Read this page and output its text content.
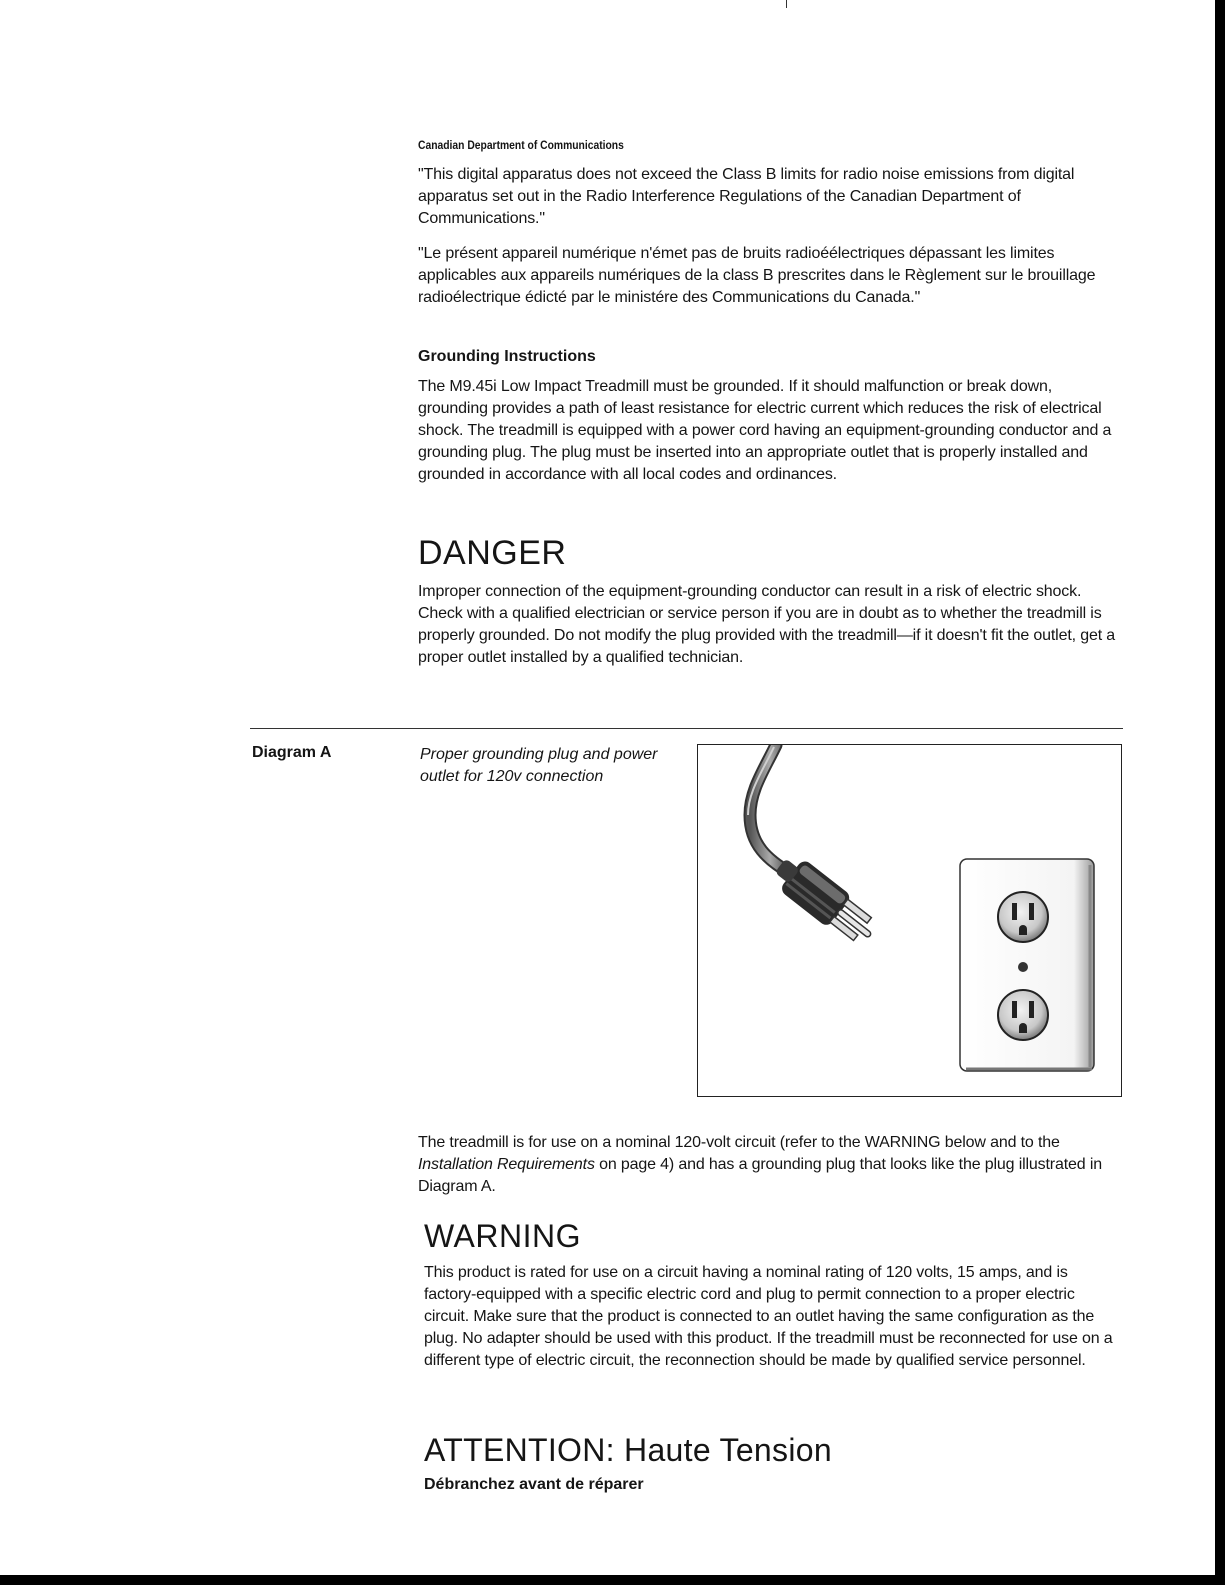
Canadian Department of Communications

"This digital apparatus does not exceed the Class B limits for radio noise emissions from digital apparatus set out in the Radio Interference Regulations of the Canadian Department of Communications."

"Le présent appareil numérique n'émet pas de bruits radioéélectriques dépassant les limites applicables aux appareils numériques de la class B prescrites dans le Règlement sur le brouillage radioélectrique édicté par le ministére des Communications du Canada."

Grounding Instructions

The M9.45i Low Impact Treadmill must be grounded. If it should malfunction or break down, grounding provides a path of least resistance for electric current which reduces the risk of electrical shock. The treadmill is equipped with a power cord having an equipment-grounding conductor and a grounding plug. The plug must be inserted into an appropriate outlet that is properly installed and grounded in accordance with all local codes and ordinances.

DANGER

Improper connection of the equipment-grounding conductor can result in a risk of electric shock. Check with a qualified electrician or service person if you are in doubt as to whether the treadmill is properly grounded. Do not modify the plug provided with the treadmill—if it doesn't fit the outlet, get a proper outlet installed by a qualified technician.

Diagram A	Proper grounding plug and power outlet for 120v connection

The treadmill is for use on a nominal 120-volt circuit (refer to the WARNING below and to the Installation Requirements on page 4) and has a grounding plug that looks like the plug illustrated in Diagram A.

WARNING

This product is rated for use on a circuit having a nominal rating of 120 volts, 15 amps, and is factory-equipped with a specific electric cord and plug to permit connection to a proper electric circuit. Make sure that the product is connected to an outlet having the same configuration as the plug. No adapter should be used with this product. If the treadmill must be reconnected for use on a different type of electric circuit, the reconnection should be made by qualified service personnel.

ATTENTION: Haute Tension
Débranchez avant de réparer
